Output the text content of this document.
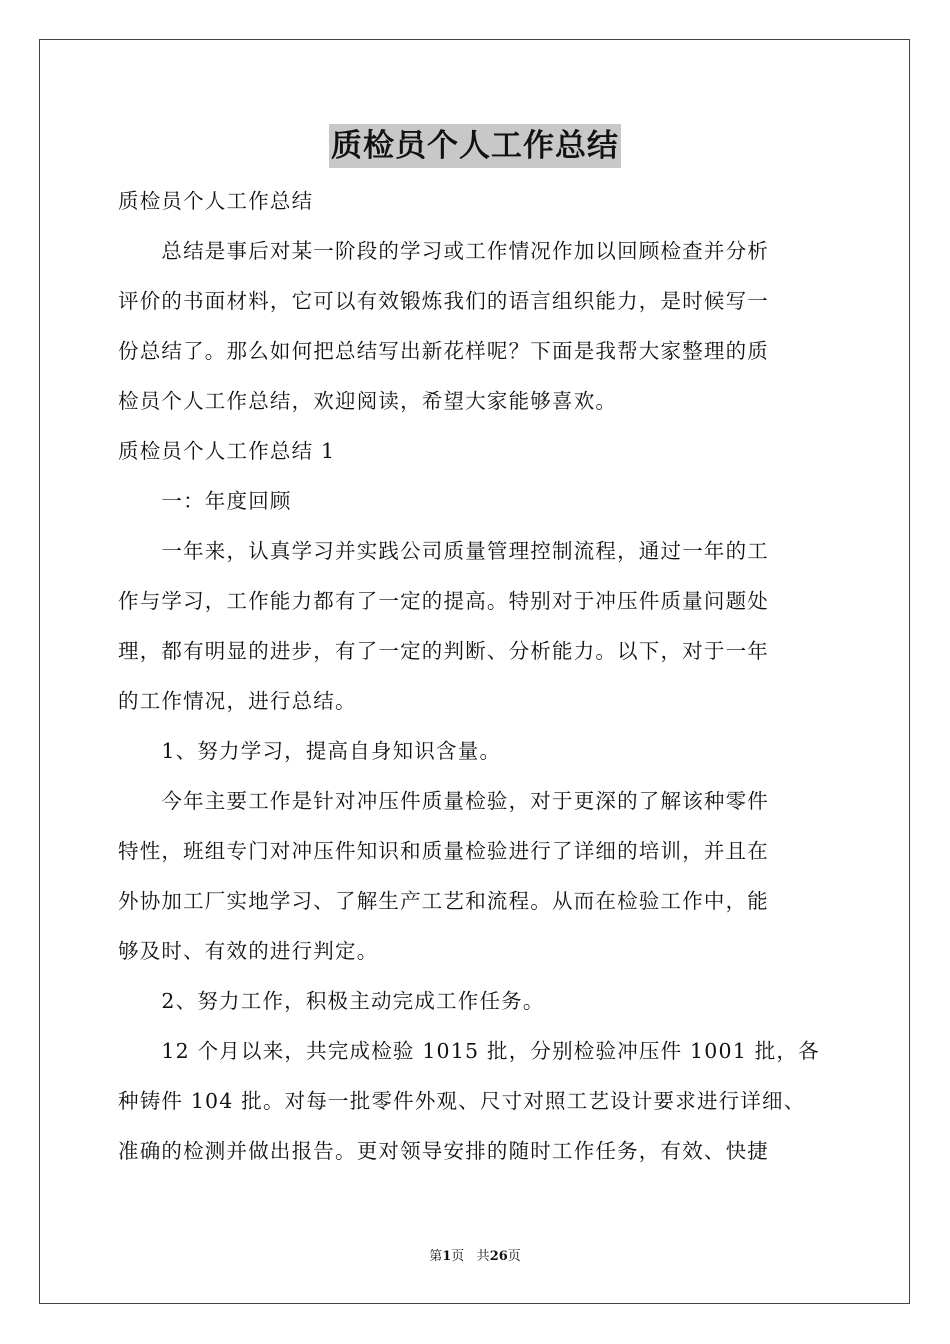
质检员个人工作总结

质检员个人工作总结

　　总结是事后对某一阶段的学习或工作情况作加以回顾检查并分析

评价的书面材料，它可以有效锻炼我们的语言组织能力，是时候写一

份总结了。那么如何把总结写出新花样呢？下面是我帮大家整理的质

检员个人工作总结，欢迎阅读，希望大家能够喜欢。

质检员个人工作总结 1

　　一：年度回顾

　　一年来，认真学习并实践公司质量管理控制流程，通过一年的工

作与学习，工作能力都有了一定的提高。特别对于冲压件质量问题处

理，都有明显的进步，有了一定的判断、分析能力。以下，对于一年

的工作情况，进行总结。

　　1、努力学习，提高自身知识含量。

　　今年主要工作是针对冲压件质量检验，对于更深的了解该种零件

特性，班组专门对冲压件知识和质量检验进行了详细的培训，并且在

外协加工厂实地学习、了解生产工艺和流程。从而在检验工作中，能

够及时、有效的进行判定。

　　2、努力工作，积极主动完成工作任务。

　　12 个月以来，共完成检验 1015 批，分别检验冲压件 1001 批，各

种铸件 104 批。对每一批零件外观、尺寸对照工艺设计要求进行详细、

准确的检测并做出报告。更对领导安排的随时工作任务，有效、快捷

第1页 共26页
